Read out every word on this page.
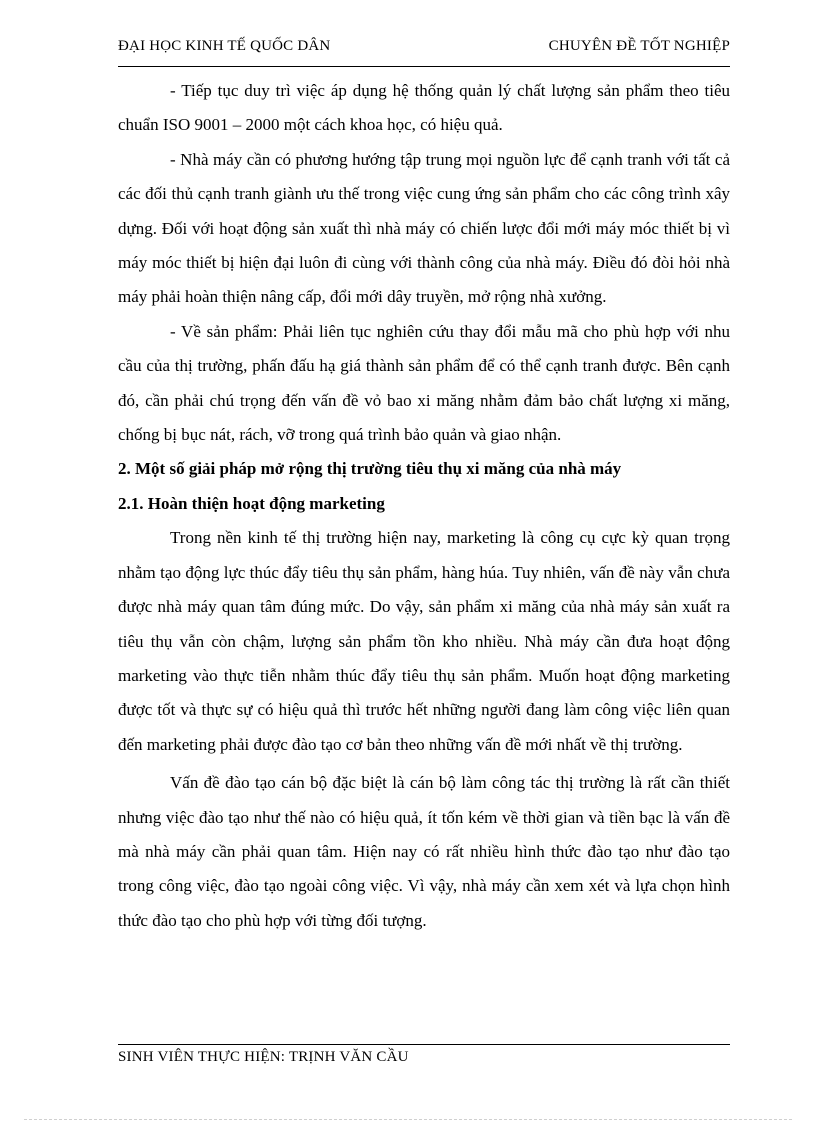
ĐẠI HỌC KINH TẾ QUỐC DÂN	CHUYÊN ĐỀ TỐT NGHIỆP

- Tiếp tục duy trì việc áp dụng hệ thống quản lý chất lượng sản phẩm theo tiêu chuẩn ISO 9001 – 2000 một cách khoa học, có hiệu quả.

- Nhà máy cần có phương hướng tập trung mọi nguồn lực để cạnh tranh với tất cả các đối thủ cạnh tranh giành ưu thế trong việc cung ứng sản phẩm cho các công trình xây dựng. Đối với hoạt động sản xuất thì nhà máy có chiến lược đổi mới máy móc thiết bị vì máy móc thiết bị hiện đại luôn đi cùng với thành công của nhà máy. Điều đó đòi hỏi nhà máy phải hoàn thiện nâng cấp, đổi mới dây truyền, mở rộng nhà xưởng.

- Về sản phẩm: Phải liên tục nghiên cứu thay đổi mẫu mã cho phù hợp với nhu cầu của thị trường, phấn đấu hạ giá thành sản phẩm để có thể cạnh tranh được. Bên cạnh đó, cần phải chú trọng đến vấn đề vỏ bao xi măng nhằm đảm bảo chất lượng xi măng, chống bị bục nát, rách, vỡ trong quá trình bảo quản và giao nhận.

2. Một số giải pháp mở rộng thị trường tiêu thụ xi măng của nhà máy

2.1. Hoàn thiện hoạt động marketing

Trong nền kinh tế thị trường hiện nay, marketing là công cụ cực kỳ quan trọng nhằm tạo động lực thúc đẩy tiêu thụ sản phẩm, hàng húa. Tuy nhiên, vấn đề này vẫn chưa được nhà máy quan tâm đúng mức. Do vậy, sản phẩm xi măng của nhà máy sản xuất ra tiêu thụ vẫn còn chậm, lượng sản phẩm tồn kho nhiều. Nhà máy cần đưa hoạt động marketing vào thực tiễn nhằm thúc đẩy tiêu thụ sản phẩm. Muốn hoạt động marketing được tốt và thực sự có hiệu quả thì trước hết những người đang làm công việc liên quan đến marketing phải được đào tạo cơ bản theo những vấn đề mới nhất về thị trường.

Vấn đề đào tạo cán bộ đặc biệt là cán bộ làm công tác thị trường là rất cần thiết nhưng việc đào tạo như thế nào có hiệu quả, ít tốn kém về thời gian và tiền bạc là vấn đề mà nhà máy cần phải quan tâm. Hiện nay có rất nhiều hình thức đào tạo như đào tạo trong công việc, đào tạo ngoài công việc. Vì vậy, nhà máy cần xem xét và lựa chọn hình thức đào tạo cho phù hợp với từng đối tượng.

SINH VIÊN THỰC HIỆN: TRỊNH VĂN CẦU
